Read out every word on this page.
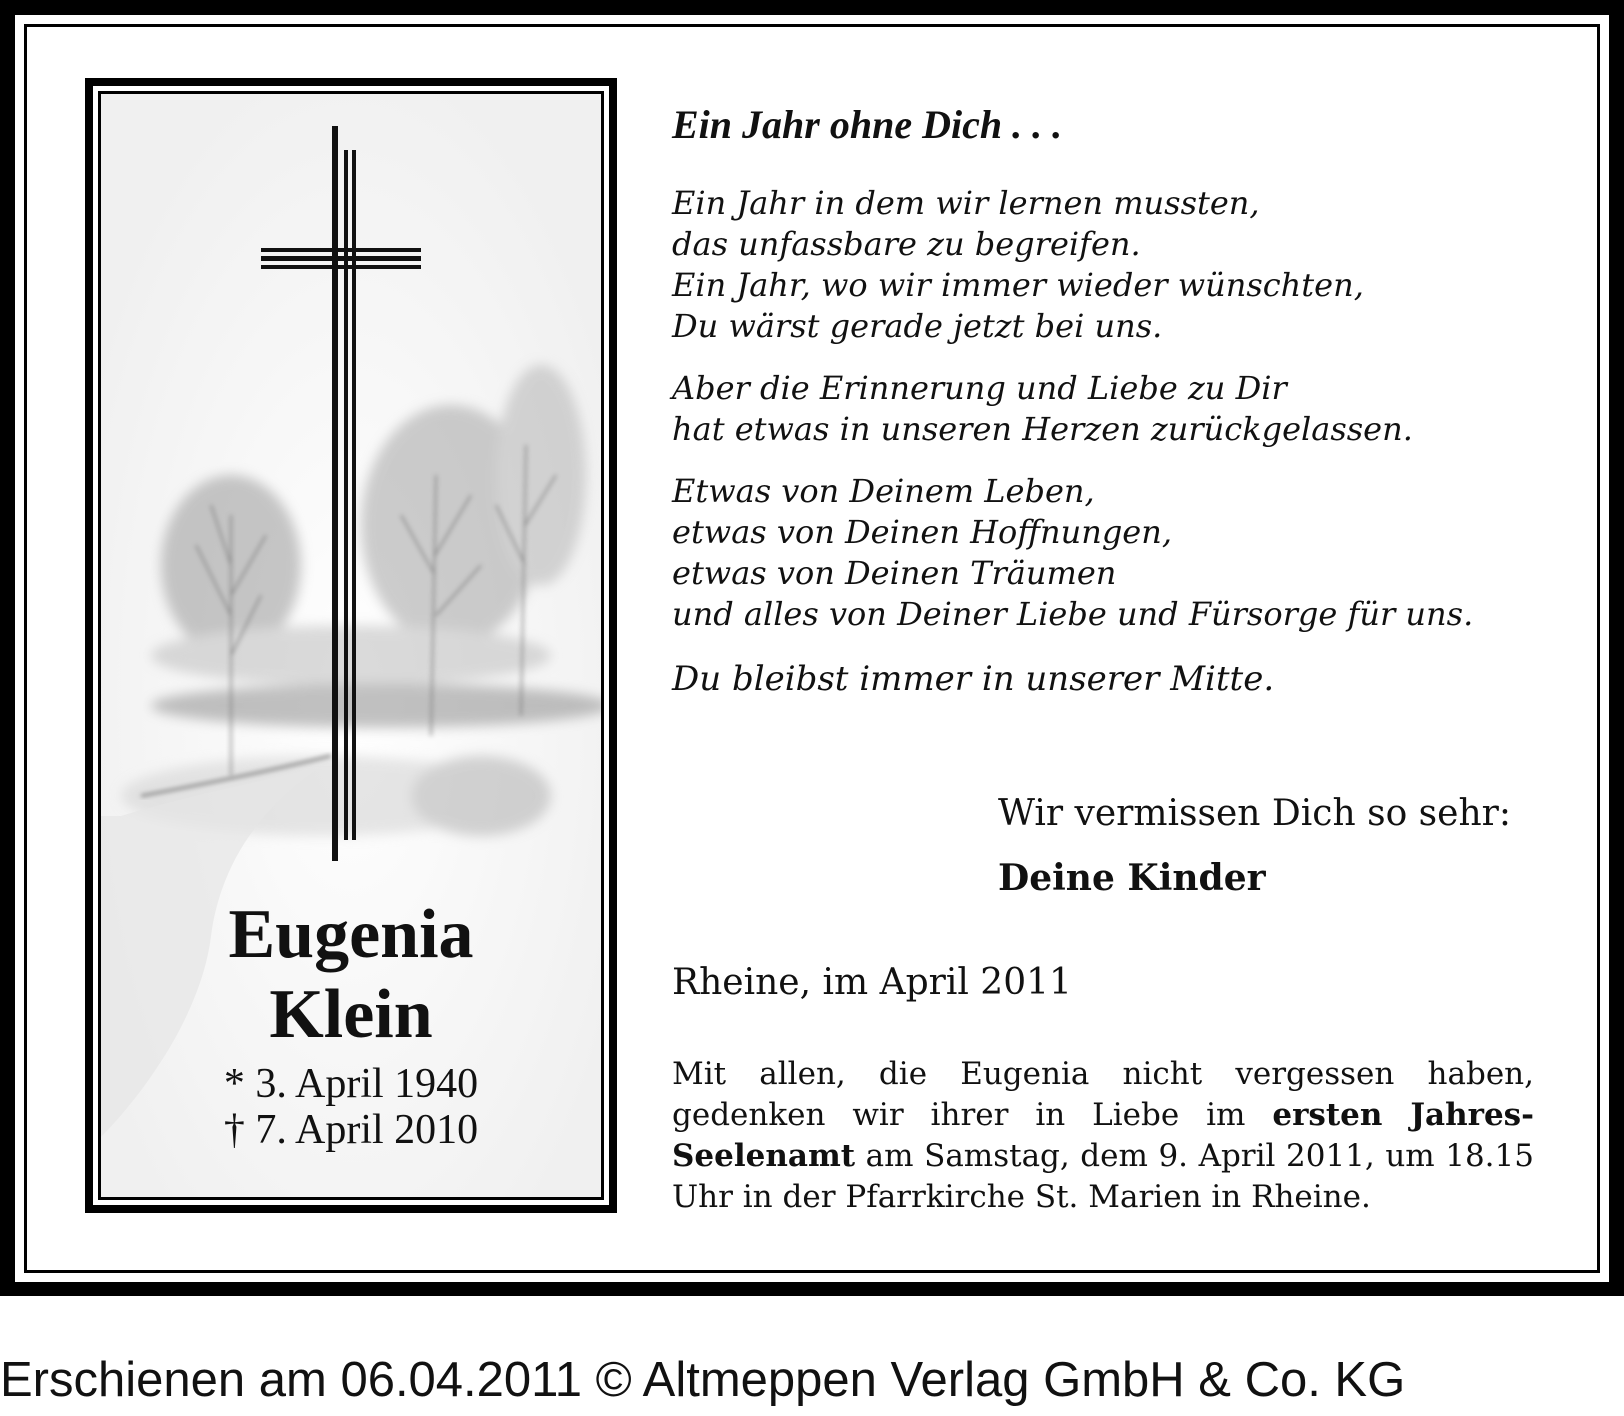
Eugenia
Klein
* 3. April 1940
† 7. April 2010
Ein Jahr ohne Dich . . .
Ein Jahr in dem wir lernen mussten,
das unfassbare zu begreifen.
Ein Jahr, wo wir immer wieder wünschten,
Du wärst gerade jetzt bei uns.
Aber die Erinnerung und Liebe zu Dir
hat etwas in unseren Herzen zurückgelassen.
Etwas von Deinem Leben,
etwas von Deinen Hoffnungen,
etwas von Deinen Träumen
und alles von Deiner Liebe und Fürsorge für uns.
Du bleibst immer in unserer Mitte.
Wir vermissen Dich so sehr:
Deine Kinder
Rheine, im April 2011
Mit allen, die Eugenia nicht vergessen haben, gedenken wir ihrer in Liebe im ersten Jahres-Seelenamt am Samstag, dem 9. April 2011, um 18.15 Uhr in der Pfarrkirche St. Marien in Rheine.
Erschienen am 06.04.2011 © Altmeppen Verlag GmbH & Co. KG
